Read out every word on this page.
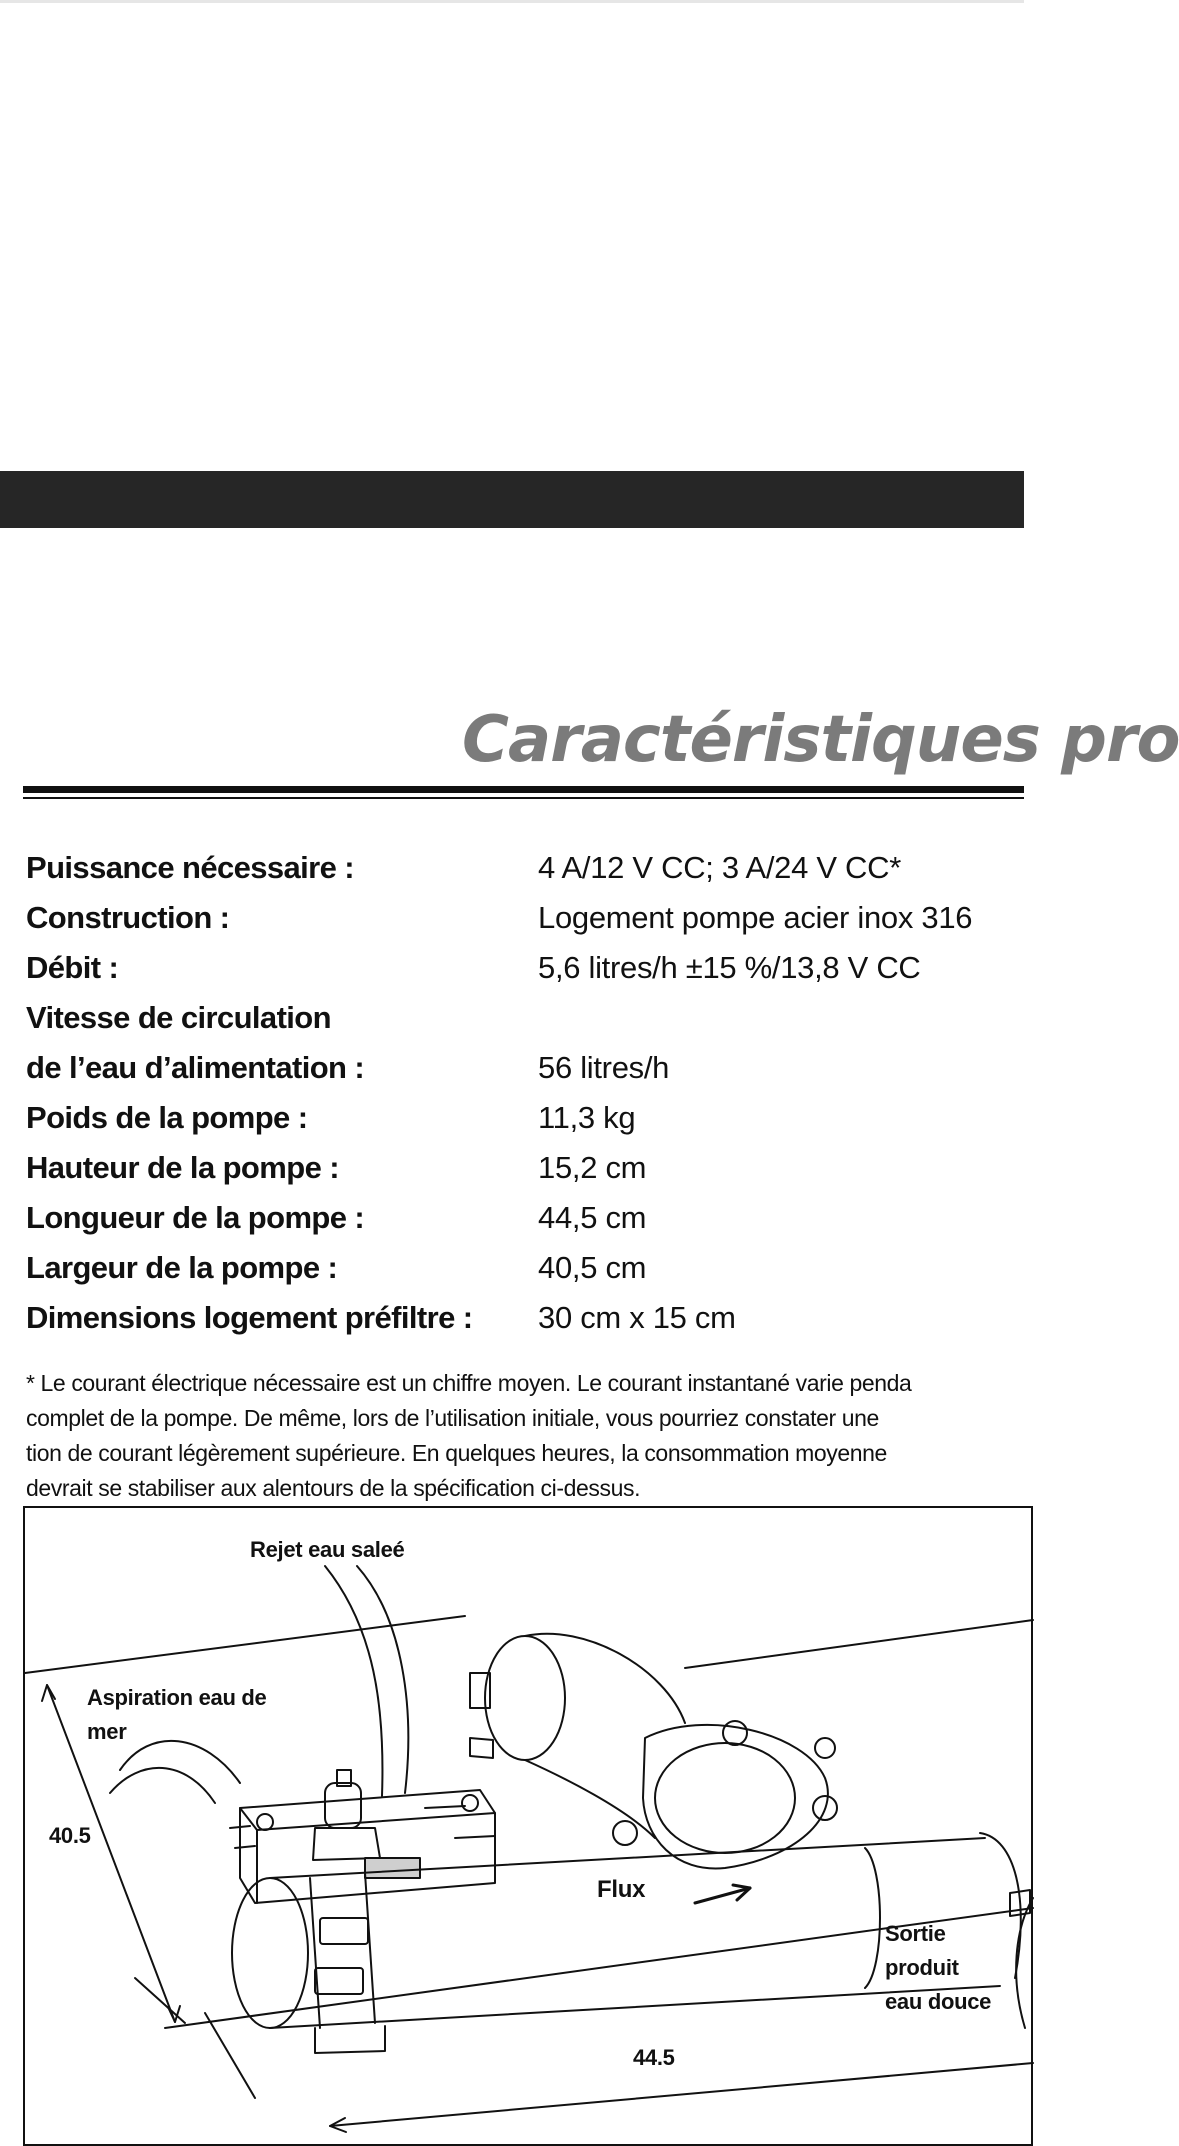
Caractéristiques pro
Puissance nécessaire :	4 A/12 V CC; 3 A/24 V CC*
Construction :	Logement pompe acier inox 316
Débit :	5,6 litres/h ±15 %/13,8 V CC
Vitesse de circulation
de l’eau d’alimentation :	56 litres/h
Poids de la pompe :	11,3 kg
Hauteur de la pompe :	15,2 cm
Longueur de la pompe :	44,5 cm
Largeur de la pompe :	40,5 cm
Dimensions logement préfiltre : 30 cm x 15 cm
* Le courant électrique nécessaire est un chiffre moyen. Le courant instantané varie penda
complet de la pompe. De même, lors de l’utilisation initiale, vous pourriez constater une
tion de courant légèrement supérieure. En quelques heures, la consommation moyenne
devrait se stabiliser aux alentours de la spécification ci-dessus.
Rejet eau saleé
Aspiration eau de
mer
40.5
Flux
Sortie
produit
eau douce
44.5
